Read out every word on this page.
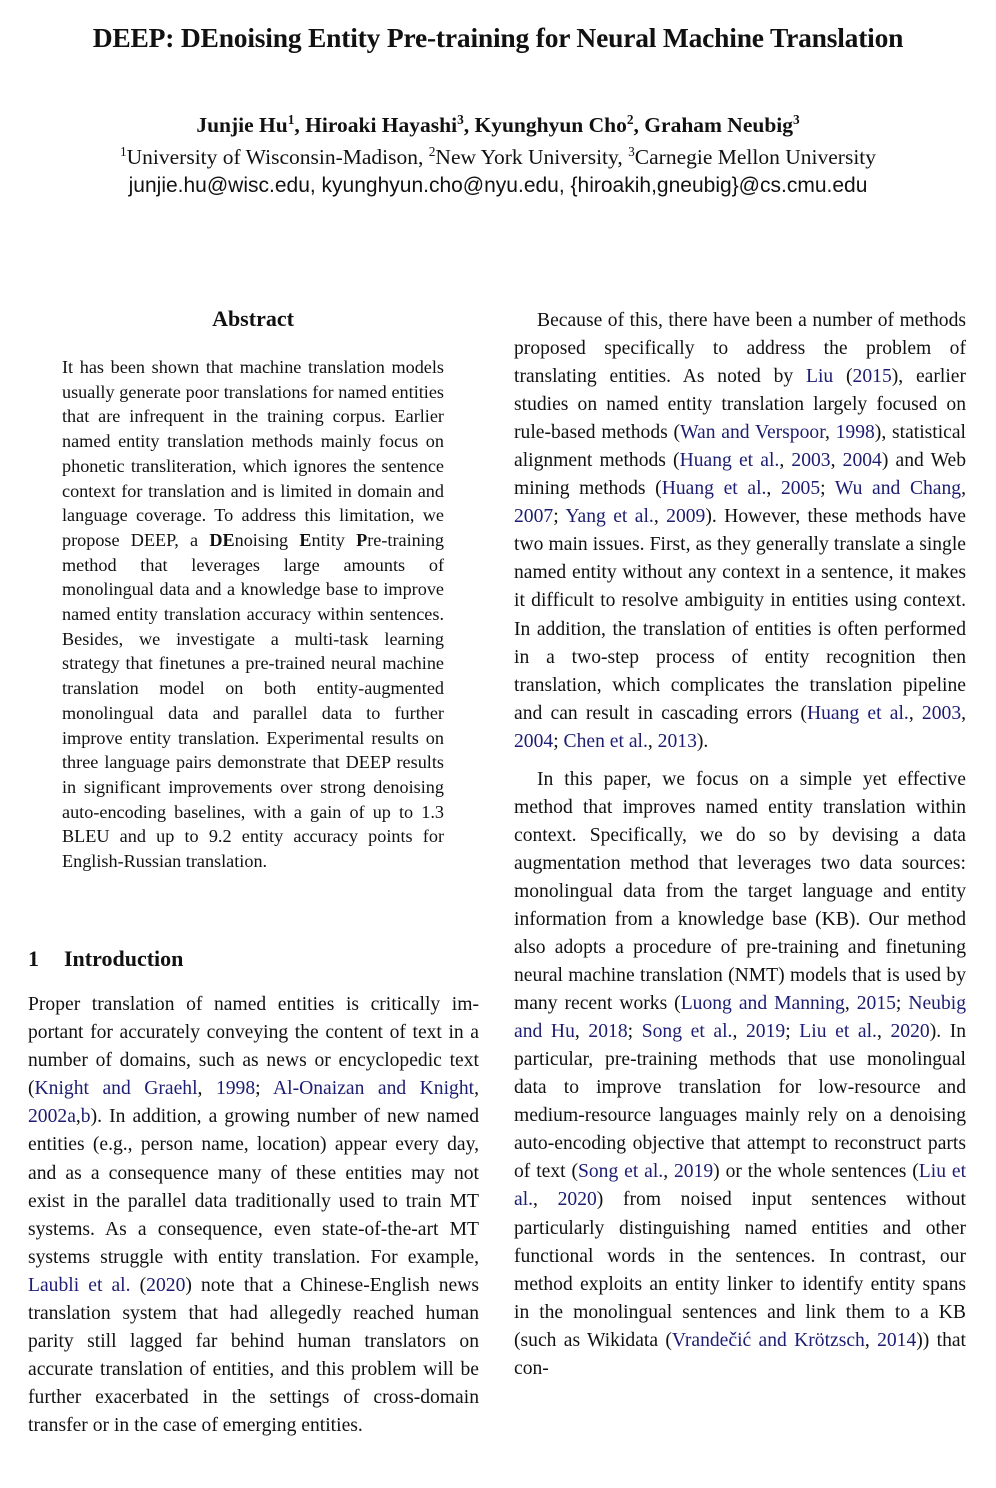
DEEP: DEnoising Entity Pre-training for Neural Machine Translation
Junjie Hu$^1$, Hiroaki Hayashi$^3$, Kyunghyun Cho$^2$, Graham Neubig$^3$
$^1$University of Wisconsin-Madison, $^2$New York University, $^3$Carnegie Mellon University
junjie.hu@wisc.edu, kyunghyun.cho@nyu.edu, {hiroakih,gneubig}@cs.cmu.edu
Abstract
It has been shown that machine translation models usually generate poor translations for named entities that are infrequent in the training corpus. Earlier named entity translation methods mainly focus on phonetic transliteration, which ignores the sentence context for translation and is limited in domain and language coverage. To address this limitation, we propose DEEP, a DEnoising Entity Pre-training method that leverages large amounts of monolingual data and a knowledge base to improve named entity translation accuracy within sentences. Besides, we investigate a multi-task learning strategy that finetunes a pre-trained neural machine translation model on both entity-augmented monolingual data and parallel data to further improve entity translation. Experimental results on three language pairs demonstrate that DEEP results in significant improvements over strong denoising auto-encoding baselines, with a gain of up to 1.3 BLEU and up to 9.2 entity accuracy points for English-Russian translation.
1 Introduction

Proper translation of named entities is critically important for accurately conveying the content of text in a number of domains, such as news or encyclopedic text (Knight and Graehl, 1998; Al-Onaizan and Knight, 2002a,b). In addition, a growing number of new named entities (e.g., person name, location) appear every day, and as a consequence many of these entities may not exist in the parallel data traditionally used to train MT systems. As a consequence, even state-of-the-art MT systems struggle with entity translation. For example, Laubli et al. (2020) note that a Chinese-English news translation system that had allegedly reached human parity still lagged far behind human translators on accurate translation of entities, and this problem will be further exacerbated in the settings of cross-domain transfer or in the case of emerging entities.

Because of this, there have been a number of methods proposed specifically to address the problem of translating entities. As noted by Liu (2015), earlier studies on named entity translation largely focused on rule-based methods (Wan and Verspoor, 1998), statistical alignment methods (Huang et al., 2003, 2004) and Web mining methods (Huang et al., 2005; Wu and Chang, 2007; Yang et al., 2009). However, these methods have two main issues. First, as they generally translate a single named entity without any context in a sentence, it makes it difficult to resolve ambiguity in entities using context. In addition, the translation of entities is often performed in a two-step process of entity recognition then translation, which complicates the translation pipeline and can result in cascading errors (Huang et al., 2003, 2004; Chen et al., 2013).

In this paper, we focus on a simple yet effective method that improves named entity translation within context. Specifically, we do so by devising a data augmentation method that leverages two data sources: monolingual data from the target language and entity information from a knowledge base (KB). Our method also adopts a procedure of pre-training and finetuning neural machine translation (NMT) models that is used by many recent works (Luong and Manning, 2015; Neubig and Hu, 2018; Song et al., 2019; Liu et al., 2020). In particular, pre-training methods that use monolingual data to improve translation for low-resource and medium-resource languages mainly rely on a denoising auto-encoding objective that attempt to reconstruct parts of text (Song et al., 2019) or the whole sentences (Liu et al., 2020) from noised input sentences without particularly distinguishing named entities and other functional words in the sentences. In contrast, our method exploits an entity linker to identify entity spans in the monolingual sentences and link them to a KB (such as Wikidata (Vrandečić and Krötzsch, 2014)) that con-
